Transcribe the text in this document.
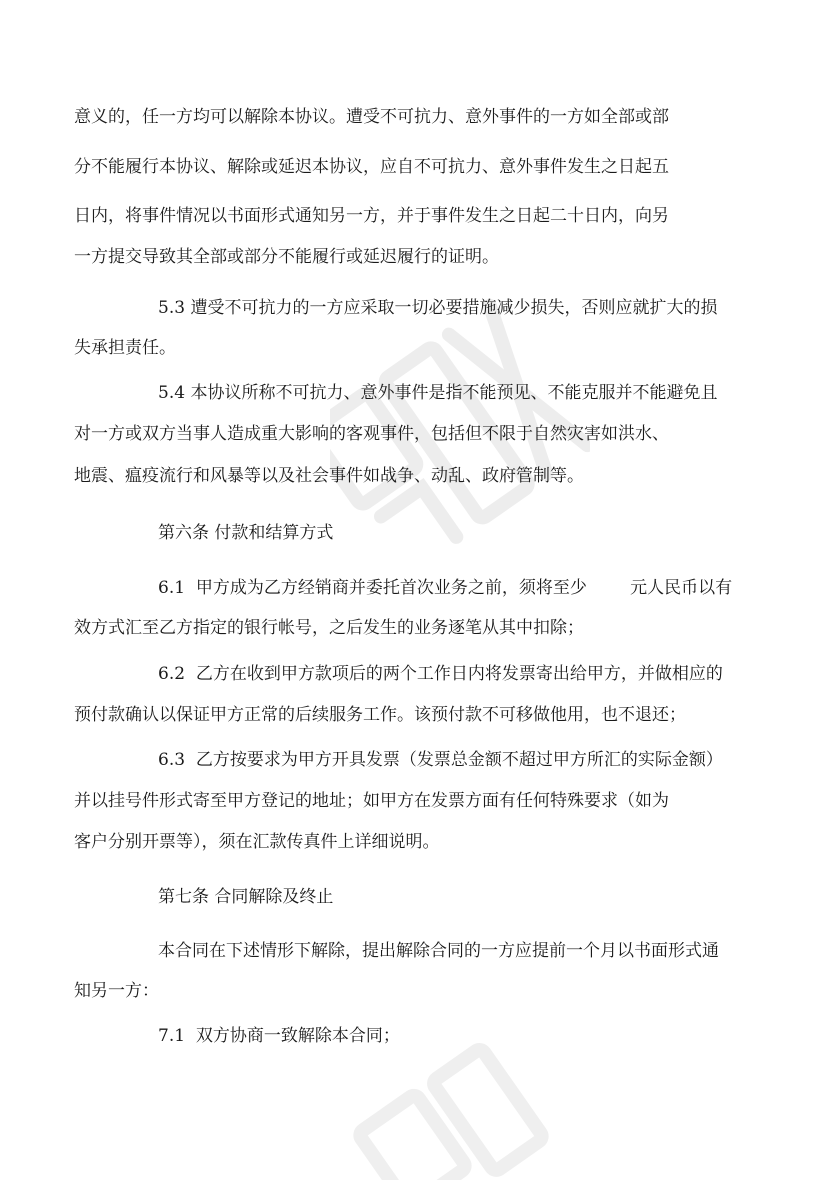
意义的，任一方均可以解除本协议。遭受不可抗力、意外事件的一方如全部或部
分不能履行本协议、解除或延迟本协议，应自不可抗力、意外事件发生之日起五
日内，将事件情况以书面形式通知另一方，并于事件发生之日起二十日内，向另
一方提交导致其全部或部分不能履行或延迟履行的证明。
5.3 遭受不可抗力的一方应采取一切必要措施减少损失，否则应就扩大的损
失承担责任。
5.4 本协议所称不可抗力、意外事件是指不能预见、不能克服并不能避免且
对一方或双方当事人造成重大影响的客观事件，包括但不限于自然灾害如洪水、
地震、瘟疫流行和风暴等以及社会事件如战争、动乱、政府管制等。
第六条 付款和结算方式
6.1  甲方成为乙方经销商并委托首次业务之前，须将至少        元人民币以有
效方式汇至乙方指定的银行帐号，之后发生的业务逐笔从其中扣除；
6.2  乙方在收到甲方款项后的两个工作日内将发票寄出给甲方，并做相应的
预付款确认以保证甲方正常的后续服务工作。该预付款不可移做他用，也不退还；
6.3  乙方按要求为甲方开具发票（发票总金额不超过甲方所汇的实际金额）
并以挂号件形式寄至甲方登记的地址；如甲方在发票方面有任何特殊要求（如为
客户分别开票等），须在汇款传真件上详细说明。
第七条 合同解除及终止
本合同在下述情形下解除，提出解除合同的一方应提前一个月以书面形式通
知另一方：
7.1  双方协商一致解除本合同；
